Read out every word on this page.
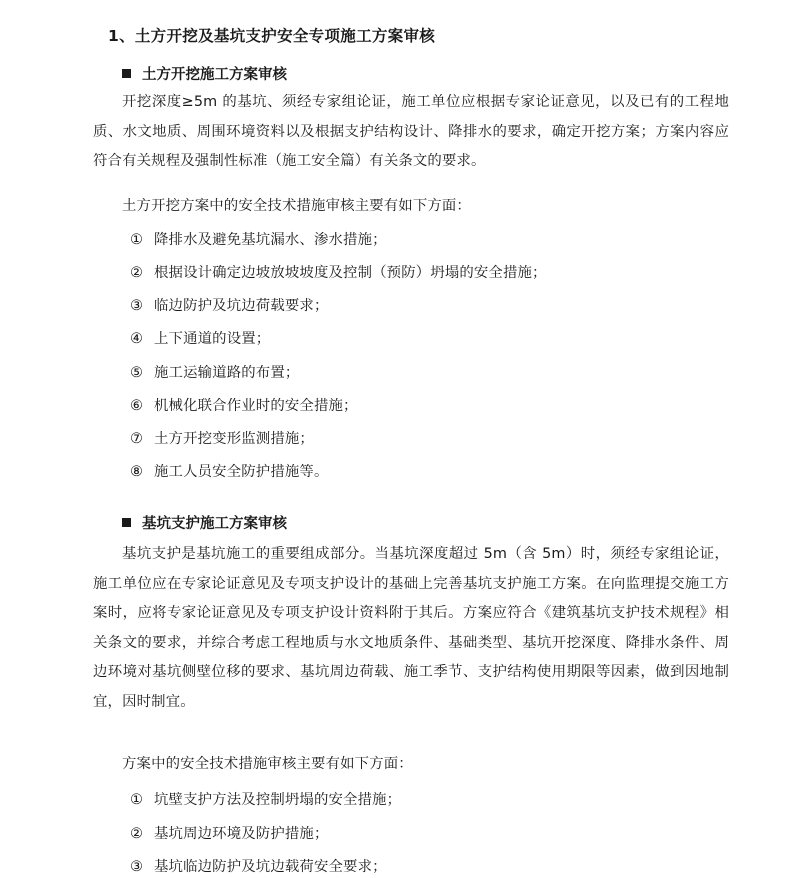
1、土方开挖及基坑支护安全专项施工方案审核
土方开挖施工方案审核
开挖深度≥5m 的基坑、须经专家组论证，施工单位应根据专家论证意见，以及已有的工程地质、水文地质、周围环境资料以及根据支护结构设计、降排水的要求，确定开挖方案；方案内容应符合有关规程及强制性标准（施工安全篇）有关条文的要求。
土方开挖方案中的安全技术措施审核主要有如下方面：
① 降排水及避免基坑漏水、渗水措施；
② 根据设计确定边坡放坡坡度及控制（预防）坍塌的安全措施；
③ 临边防护及坑边荷载要求；
④ 上下通道的设置；
⑤ 施工运输道路的布置；
⑥ 机械化联合作业时的安全措施；
⑦ 土方开挖变形监测措施；
⑧ 施工人员安全防护措施等。
基坑支护施工方案审核
基坑支护是基坑施工的重要组成部分。当基坑深度超过 5m（含 5m）时，须经专家组论证，施工单位应在专家论证意见及专项支护设计的基础上完善基坑支护施工方案。在向监理提交施工方案时，应将专家论证意见及专项支护设计资料附于其后。方案应符合《建筑基坑支护技术规程》相关条文的要求，并综合考虑工程地质与水文地质条件、基础类型、基坑开挖深度、降排水条件、周边环境对基坑侧壁位移的要求、基坑周边荷载、施工季节、支护结构使用期限等因素，做到因地制宜，因时制宜。
方案中的安全技术措施审核主要有如下方面：
① 坑壁支护方法及控制坍塌的安全措施；
② 基坑周边环境及防护措施；
③ 基坑临边防护及坑边载荷安全要求；
